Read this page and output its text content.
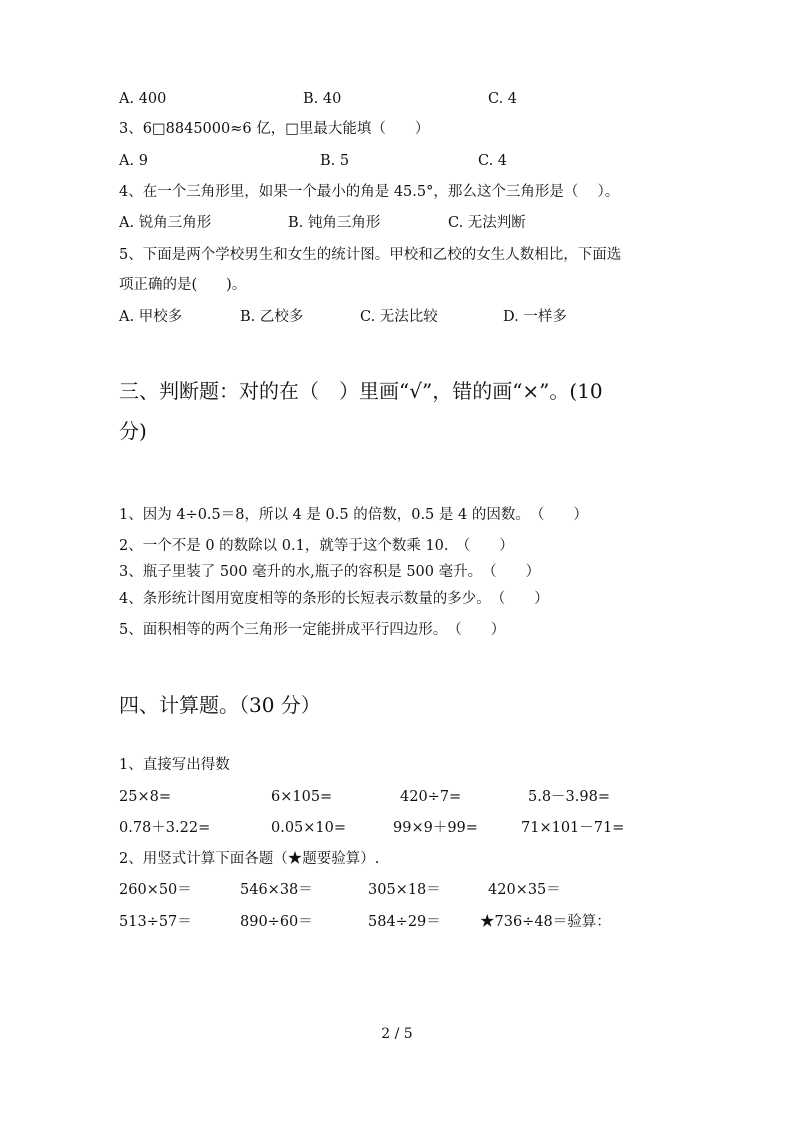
A. 400	B. 40	C. 4
3、6□8845000≈6 亿，□里最大能填（　　）
A. 9	B. 5	C. 4
4、在一个三角形里，如果一个最小的角是 45.5°，那么这个三角形是（　 ）。
A. 锐角三角形	B. 钝角三角形	C. 无法判断
5、下面是两个学校男生和女生的统计图。甲校和乙校的女生人数相比，下面选
项正确的是(　　)。
A. 甲校多	B. 乙校多	C. 无法比较	D. 一样多
三、判断题：对的在（　）里画“√”，错的画“×”。(10
分)
1、因为 4÷0.5＝8，所以 4 是 0.5 的倍数，0.5 是 4 的因数。　（　　）
2、一个不是 0 的数除以 0.1，就等于这个数乘 10.　（　　）
3、瓶子里装了 500 毫升的水,瓶子的容积是 500 毫升。　（　　）
4、条形统计图用宽度相等的条形的长短表示数量的多少。　（　　）
5、面积相等的两个三角形一定能拼成平行四边形。　（　　）
四、计算题。（30 分）
1、直接写出得数
25×8=	6×105=	420÷7=	5.8－3.98=
0.78＋3.22=	0.05×10=	99×9＋99=	71×101－71=
2、用竖式计算下面各题（★题要验算）.
260×50＝	546×38＝	305×18＝	420×35＝
513÷57＝	890÷60＝	584÷29＝	★736÷48＝验算：
2 / 5
